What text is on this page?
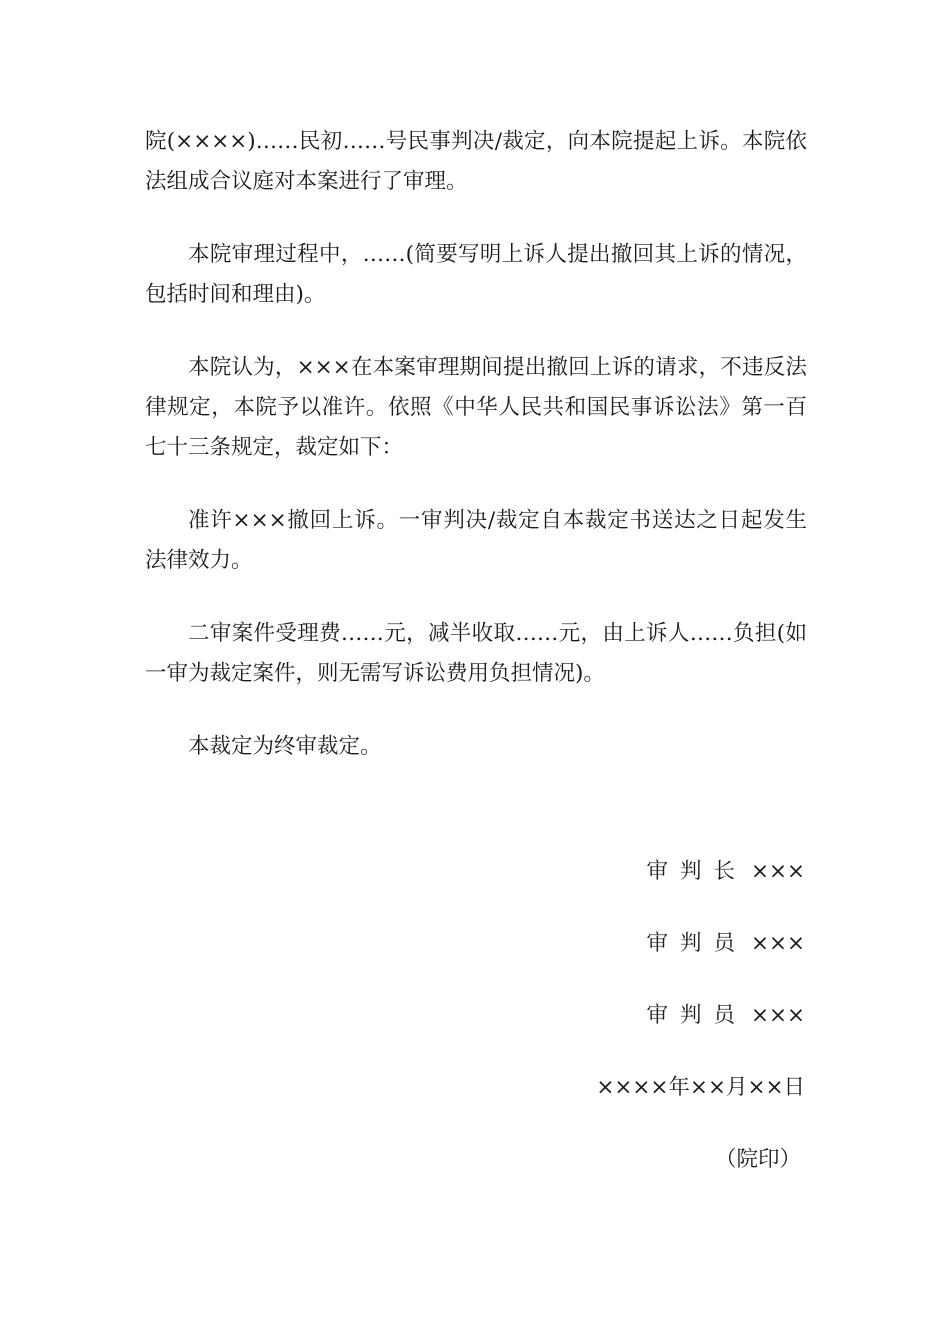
院(××××)……民初……号民事判决/裁定，向本院提起上诉。本院依法组成合议庭对本案进行了审理。

本院审理过程中，……(简要写明上诉人提出撤回其上诉的情况，包括时间和理由)。

本院认为，×××在本案审理期间提出撤回上诉的请求，不违反法律规定，本院予以准许。依照《中华人民共和国民事诉讼法》第一百七十三条规定，裁定如下：

准许×××撤回上诉。一审判决/裁定自本裁定书送达之日起发生法律效力。

二审案件受理费……元，减半收取……元，由上诉人……负担(如一审为裁定案件，则无需写诉讼费用负担情况)。

本裁定为终审裁定。

审判长 ×××
审判员 ×××
审判员 ×××
××××年××月××日
（院印）
